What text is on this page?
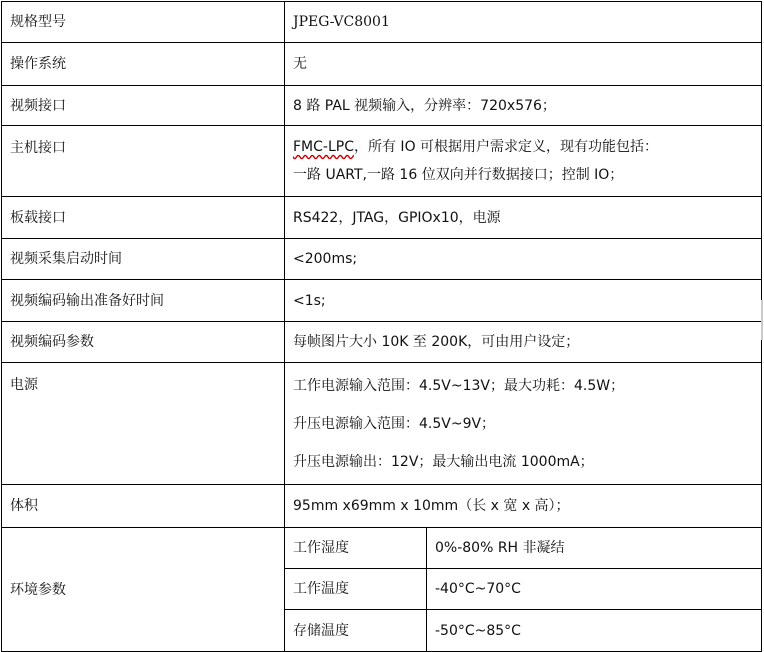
规格型号	JPEG-VC8001	
操作系统	无	
视频接口	8 路 PAL 视频输入，分辨率：720x576；	
主机接口	FMC-LPC，所有 IO 可根据用户需求定义，现有功能包括：
一路 UART,一路 16 位双向并行数据接口；控制 IO；	

板载接口	RS422，JTAG，GPIOx10，电源	
视频采集启动时间	<200ms;	
视频编码输出准备好时间	<1s;	
视频编码参数	每帧图片大小 10K 至 200K，可由用户设定；	
电源	工作电源输入范围：4.5V~13V；最大功耗：4.5W；
升压电源输入范围：4.5V~9V；
升压电源输出：12V；最大输出电流 1000mA；	

体积	95mm x69mm x 10mm（长 x 宽 x 高）；	
环境参数	工作湿度	0%-80% RH 非凝结
	工作温度	-40°C~70°C
	存储温度	-50°C~85°C
